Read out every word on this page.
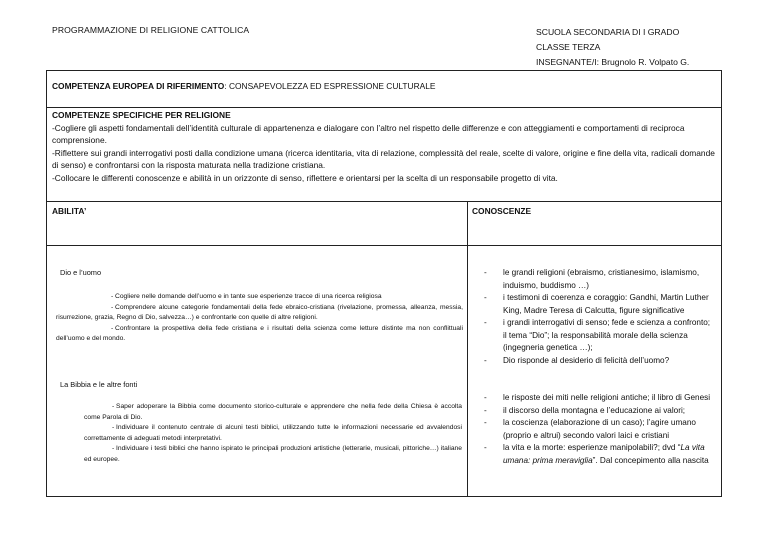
PROGRAMMAZIONE DI RELIGIONE CATTOLICA	SCUOLA SECONDARIA DI I GRADO
CLASSE TERZA
INSEGNANTE/I: Brugnolo R. Volpato G.
COMPETENZA EUROPEA DI RIFERIMENTO: CONSAPEVOLEZZA ED ESPRESSIONE CULTURALE

COMPETENZE SPECIFICHE PER RELIGIONE

-Cogliere gli aspetti fondamentali dell’identità culturale di appartenenza e dialogare con l’altro nel rispetto delle differenze e con atteggiamenti e comportamenti di reciproca comprensione.

-Riflettere sui grandi interrogativi posti dalla condizione umana (ricerca identitaria, vita di relazione, complessità del reale, scelte di valore, origine e fine della vita, radicali domande di senso) e confrontarsi con la risposta maturata nella tradizione cristiana.

-Collocare le differenti conoscenze e abilità in un orizzonte di senso, riflettere e orientarsi per la scelta di un responsabile progetto di vita.

ABILITA’	CONOSCENZE
Dio e l’uomo

- Cogliere nelle domande dell’uomo e in tante sue esperienze tracce di una ricerca religiosa

- Comprendere alcune categorie fondamentali della fede ebraico-cristiana (rivelazione, promessa, alleanza, messia, risurrezione, grazia, Regno di Dio, salvezza…) e confrontarle con quelle di altre religioni.

- Confrontare la prospettiva della fede cristiana e i risultati della scienza come letture distinte ma non conflittuali dell’uomo e del mondo.

La Bibbia e le altre fonti

- Saper adoperare la Bibbia come documento storico-culturale e apprendere che nella fede della Chiesa è accolta come Parola di Dio.

- Individuare il contenuto centrale di alcuni testi biblici, utilizzando tutte le informazioni necessarie ed avvalendosi correttamente di adeguati metodi interpretativi.

- Individuare i testi biblici che hanno ispirato le principali produzioni artistiche (letterarie, musicali, pittoriche…) italiane ed europee.

- le grandi religioni (ebraismo, cristianesimo, islamismo, induismo, buddismo …)
- i testimoni di coerenza e coraggio: Gandhi, Martin Luther King, Madre Teresa di Calcutta, figure significative
- i grandi interrogativi di senso; fede e scienza a confronto; il tema “Dio”; la responsabilità morale della scienza (ingegneria genetica …);
- Dio risponde al desiderio di felicità dell’uomo?
- le risposte dei miti nelle religioni antiche; il libro di Genesi
- il discorso della montagna e l’educazione ai valori;
- la coscienza (elaborazione di un caso); l’agire umano (proprio e altrui) secondo valori laici e cristiani
- la vita e la morte: esperienze manipolabili?; dvd “La vita umana: prima meraviglia”. Dal concepimento alla nascita
